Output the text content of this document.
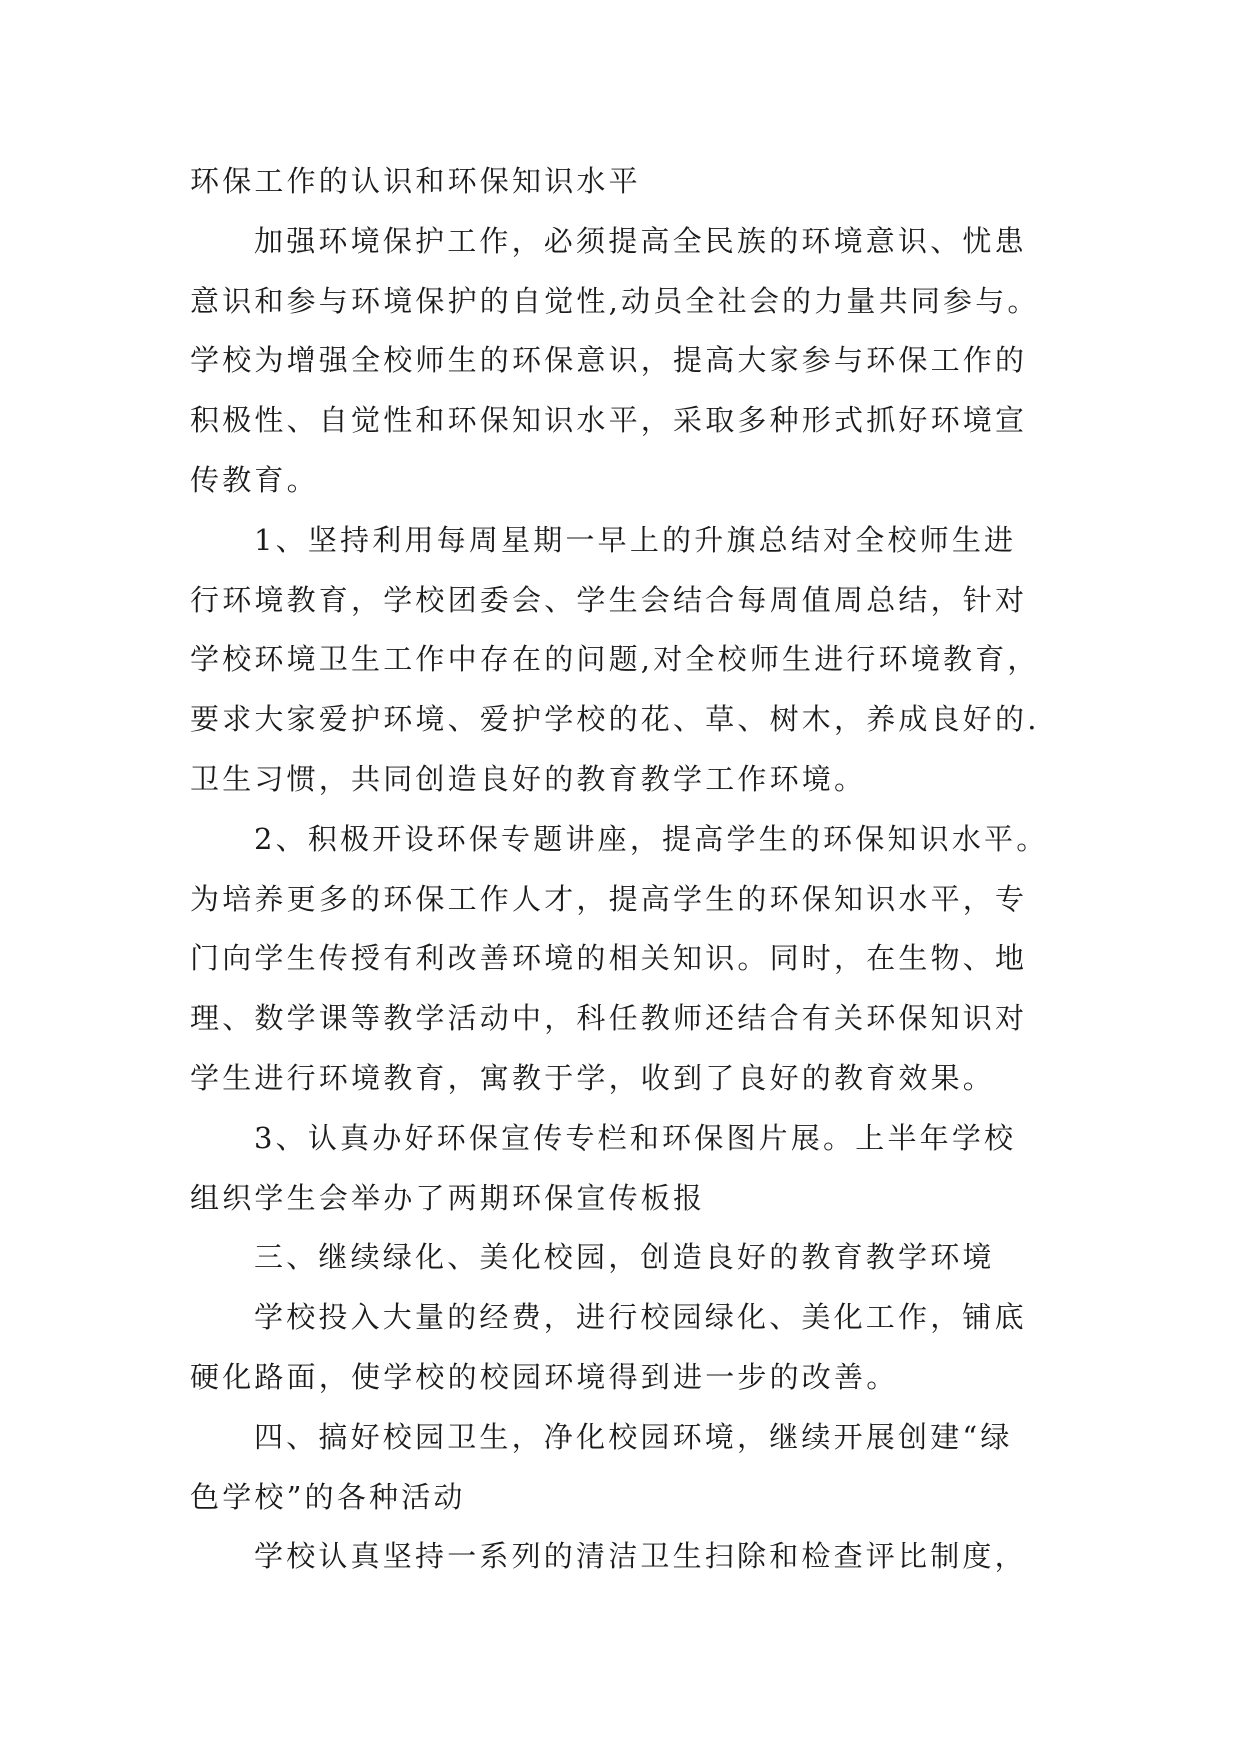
环保工作的认识和环保知识水平
加强环境保护工作，必须提高全民族的环境意识、忧患
意识和参与环境保护的自觉性,动员全社会的力量共同参与。
学校为增强全校师生的环保意识，提高大家参与环保工作的
积极性、自觉性和环保知识水平，采取多种形式抓好环境宣
传教育。
1、坚持利用每周星期一早上的升旗总结对全校师生进
行环境教育，学校团委会、学生会结合每周值周总结，针对
学校环境卫生工作中存在的问题,对全校师生进行环境教育，
要求大家爱护环境、爱护学校的花、草、树木，养成良好的.
卫生习惯，共同创造良好的教育教学工作环境。
2、积极开设环保专题讲座，提高学生的环保知识水平。
为培养更多的环保工作人才，提高学生的环保知识水平，专
门向学生传授有利改善环境的相关知识。同时，在生物、地
理、数学课等教学活动中，科任教师还结合有关环保知识对
学生进行环境教育，寓教于学，收到了良好的教育效果。
3、认真办好环保宣传专栏和环保图片展。上半年学校
组织学生会举办了两期环保宣传板报
三、继续绿化、美化校园，创造良好的教育教学环境
学校投入大量的经费，进行校园绿化、美化工作，铺底
硬化路面，使学校的校园环境得到进一步的改善。
四、搞好校园卫生，净化校园环境，继续开展创建“绿
色学校”的各种活动
学校认真坚持一系列的清洁卫生扫除和检查评比制度，
